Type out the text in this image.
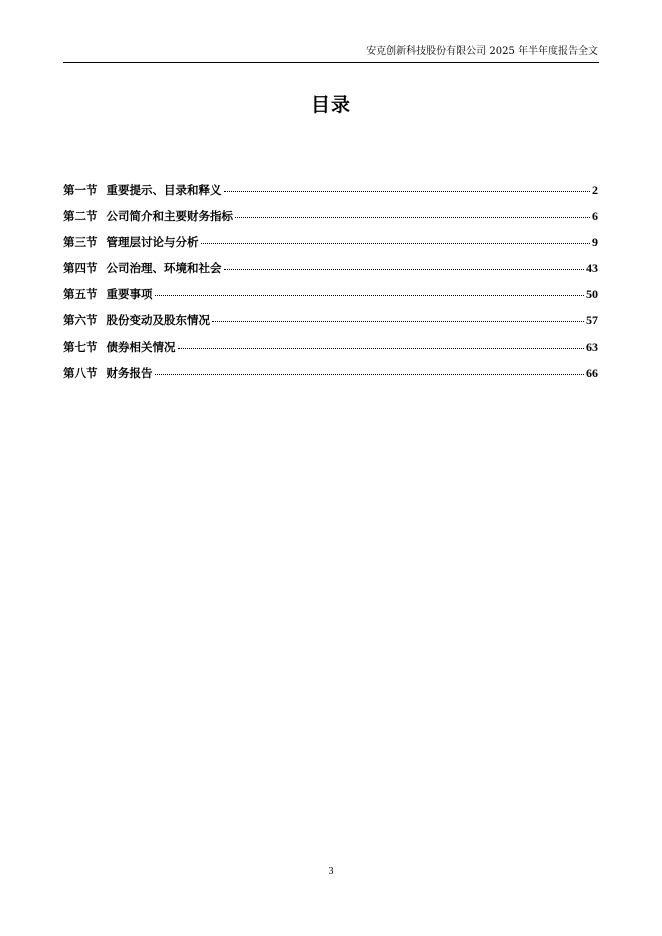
安克创新科技股份有限公司 2025 年半年度报告全文
目录
第一节 重要提示、目录和释义	2
第二节 公司简介和主要财务指标	6
第三节 管理层讨论与分析	9
第四节 公司治理、环境和社会	43
第五节 重要事项	50
第六节 股份变动及股东情况	57
第七节 债券相关情况	63
第八节 财务报告	66
3
